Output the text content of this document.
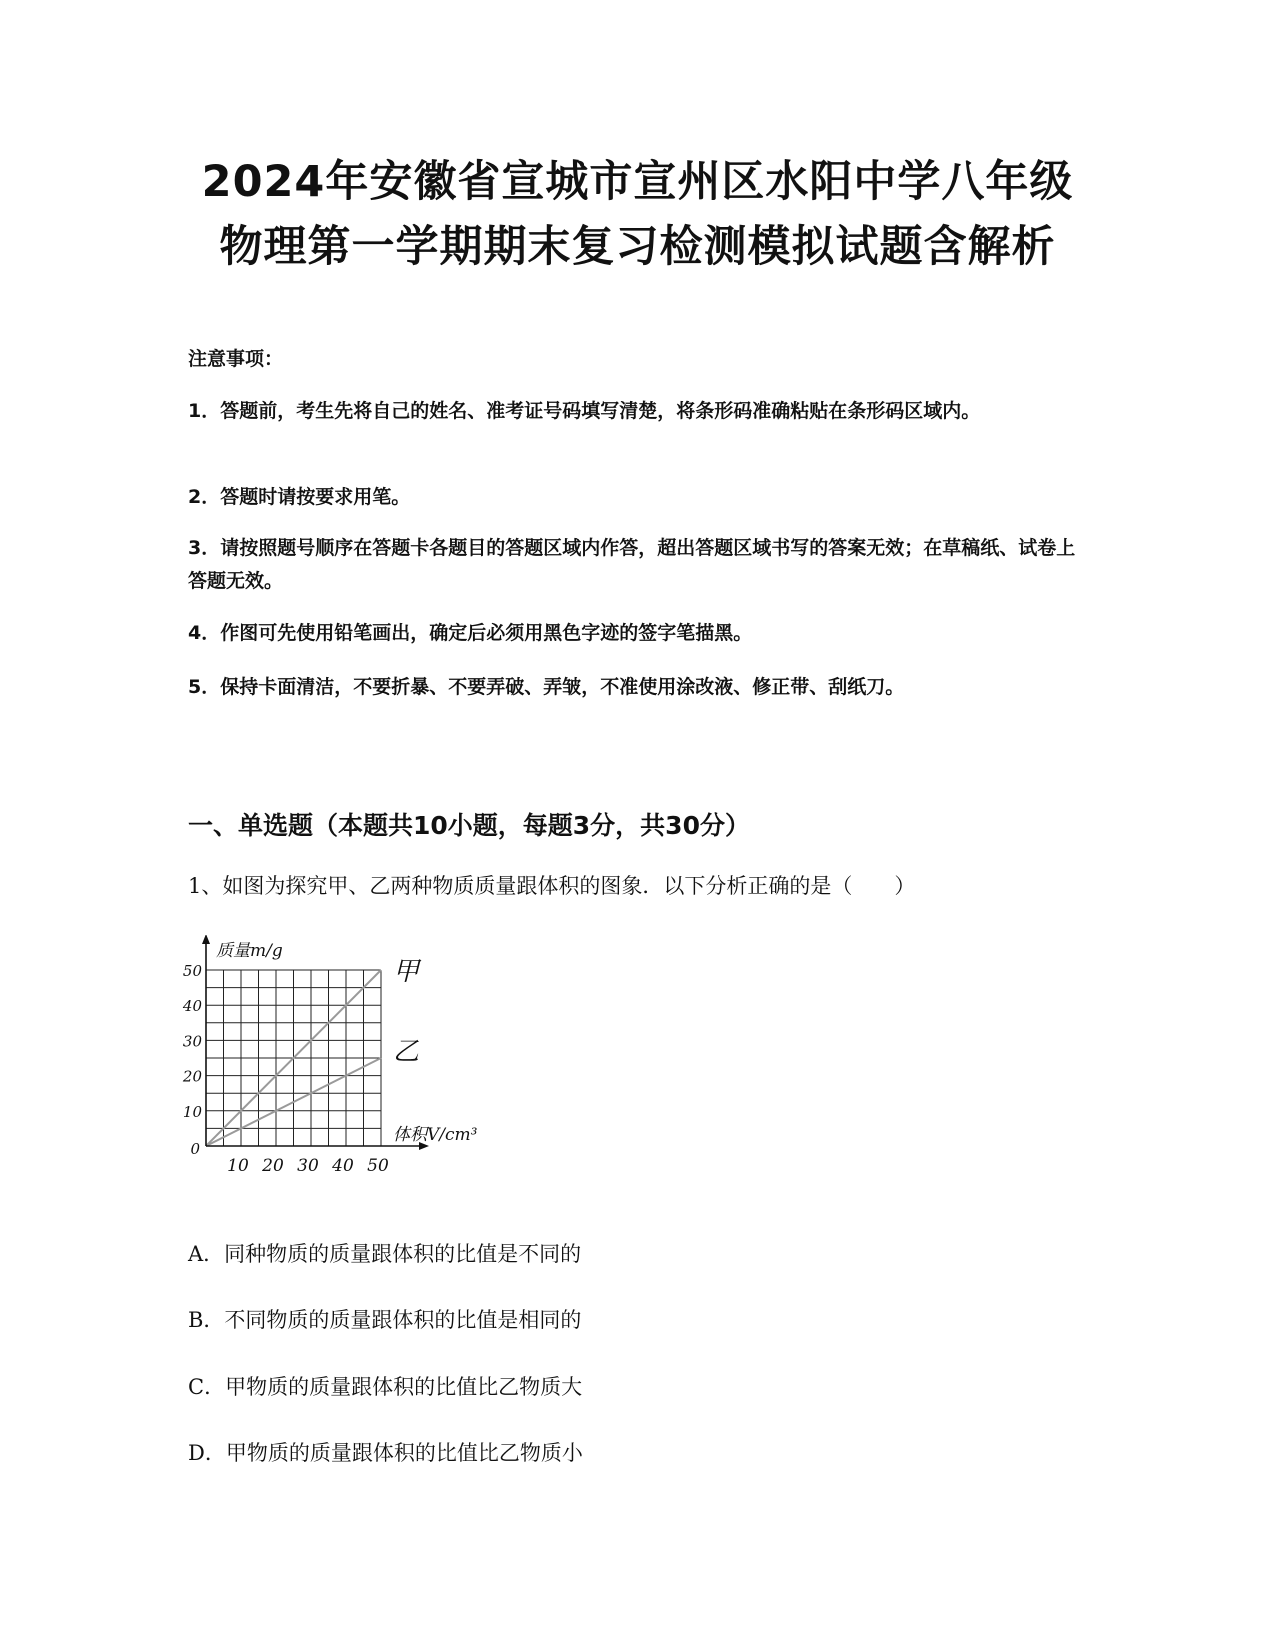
2024年安徽省宣城市宣州区水阳中学八年级
物理第一学期期末复习检测模拟试题含解析
注意事项：
1．答题前，考生先将自己的姓名、准考证号码填写清楚，将条形码准确粘贴在条形码区域内。
2．答题时请按要求用笔。
3．请按照题号顺序在答题卡各题目的答题区域内作答，超出答题区域书写的答案无效；在草稿纸、试卷上答题无效。
4．作图可先使用铅笔画出，确定后必须用黑色字迹的签字笔描黑。
5．保持卡面清洁，不要折暴、不要弄破、弄皱，不准使用涂改液、修正带、刮纸刀。
一、单选题（本题共10小题，每题3分，共30分）
1、如图为探究甲、乙两种物质质量跟体积的图象．以下分析正确的是（　　）
甲
乙
10
20
30
40
50
10 20 30 40 50
0
质量m/g
体积V/cm³
A．同种物质的质量跟体积的比值是不同的
B．不同物质的质量跟体积的比值是相同的
C．甲物质的质量跟体积的比值比乙物质大
D．甲物质的质量跟体积的比值比乙物质小
